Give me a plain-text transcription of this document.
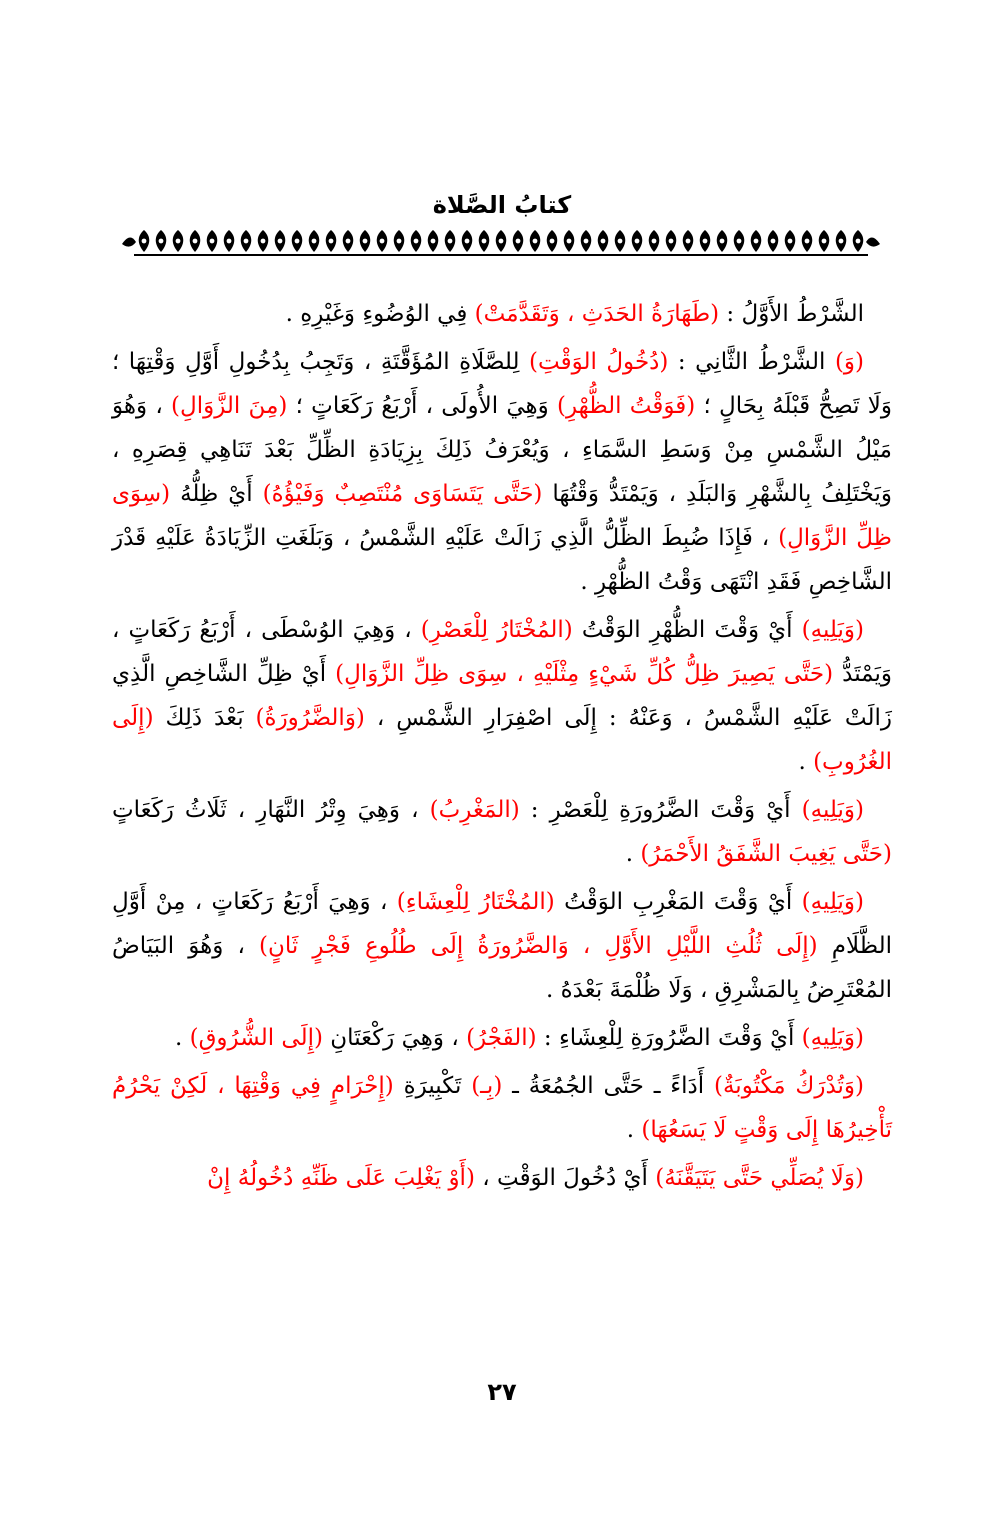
كتابُ الصَّلاة

الشَّرْطُ الأَوَّلُ : (طَهَارَةُ الحَدَثِ ، وَتَقَدَّمَتْ) فِي الوُضُوءِ وَغَيْرِهِ .

(وَ) الشَّرْطُ الثَّانِي : (دُخُولُ الوَقْتِ) لِلصَّلَاةِ المُؤَقَّتَةِ ، وَتَجِبُ بِدُخُولِ أَوَّلِ وَقْتِهَا ؛ وَلَا تَصِحُّ قَبْلَهُ بِحَالٍ ؛ (فَوَقْتُ الظُّهْرِ) وَهِيَ الأُولَى ، أَرْبَعُ رَكَعَاتٍ ؛ (مِنَ الزَّوَالِ) ، وَهُوَ مَيْلُ الشَّمْسِ مِنْ وَسَطِ السَّمَاءِ ، وَيُعْرَفُ ذَلِكَ بِزِيَادَةِ الظِّلِّ بَعْدَ تَنَاهِي قِصَرِهِ ، وَيَخْتَلِفُ بِالشَّهْرِ وَالبَلَدِ ، وَيَمْتَدُّ وَقْتُهَا (حَتَّى يَتَسَاوَى مُنْتَصِبٌ وَفَيْؤُهُ) أَيْ ظِلُّهُ (سِوَى ظِلِّ الزَّوَالِ) ، فَإِذَا ضُبِطَ الظِّلُّ الَّذِي زَالَتْ عَلَيْهِ الشَّمْسُ ، وَبَلَغَتِ الزِّيَادَةُ عَلَيْهِ قَدْرَ الشَّاخِصِ فَقَدِ انْتَهَى وَقْتُ الظُّهْرِ .

(وَيَلِيهِ) أَيْ وَقْتَ الظُّهْرِ الوَقْتُ (المُخْتَارُ لِلْعَصْرِ) ، وَهِيَ الوُسْطَى ، أَرْبَعُ رَكَعَاتٍ ، وَيَمْتَدُّ (حَتَّى يَصِيرَ ظِلُّ كُلِّ شَيْءٍ مِثْلَيْهِ ، سِوَى ظِلِّ الزَّوَالِ) أَيْ ظِلِّ الشَّاخِصِ الَّذِي زَالَتْ عَلَيْهِ الشَّمْسُ ، وَعَنْهُ : إِلَى اصْفِرَارِ الشَّمْسِ ، (وَالضَّرُورَةُ) بَعْدَ ذَلِكَ (إِلَى الغُرُوبِ) .

(وَيَلِيهِ) أَيْ وَقْتَ الضَّرُورَةِ لِلْعَصْرِ : (المَغْرِبُ) ، وَهِيَ وِتْرُ النَّهَارِ ، ثَلَاثُ رَكَعَاتٍ (حَتَّى يَغِيبَ الشَّفَقُ الأَحْمَرُ) .

(وَيَلِيهِ) أَيْ وَقْتَ المَغْرِبِ الوَقْتُ (المُخْتَارُ لِلْعِشَاءِ) ، وَهِيَ أَرْبَعُ رَكَعَاتٍ ، مِنْ أَوَّلِ الظَّلَامِ (إِلَى ثُلُثِ اللَّيْلِ الأَوَّلِ ، وَالضَّرُورَةُ إِلَى طُلُوعِ فَجْرٍ ثَانٍ) ، وَهُوَ البَيَاضُ المُعْتَرِضُ بِالمَشْرِقِ ، وَلَا ظُلْمَةَ بَعْدَهُ .

(وَيَلِيهِ) أَيْ وَقْتَ الضَّرُورَةِ لِلْعِشَاءِ : (الفَجْرُ) ، وَهِيَ رَكْعَتَانِ (إِلَى الشُّرُوقِ) .

(وَتُدْرَكُ مَكْتُوبَةٌ) أَدَاءً ـ حَتَّى الجُمُعَةُ ـ (بِـ) تَكْبِيرَةِ (إِحْرَامٍ فِي وَقْتِهَا ، لَكِنْ يَحْرُمُ تَأْخِيرُهَا إِلَى وَقْتٍ لَا يَسَعُهَا) .

(وَلَا يُصَلِّي حَتَّى يَتَيَقَّنَهُ) أَيْ دُخُولَ الوَقْتِ ، (أَوْ يَغْلِبَ عَلَى ظَنِّهِ دُخُولُهُ إِنْ

٢٧
